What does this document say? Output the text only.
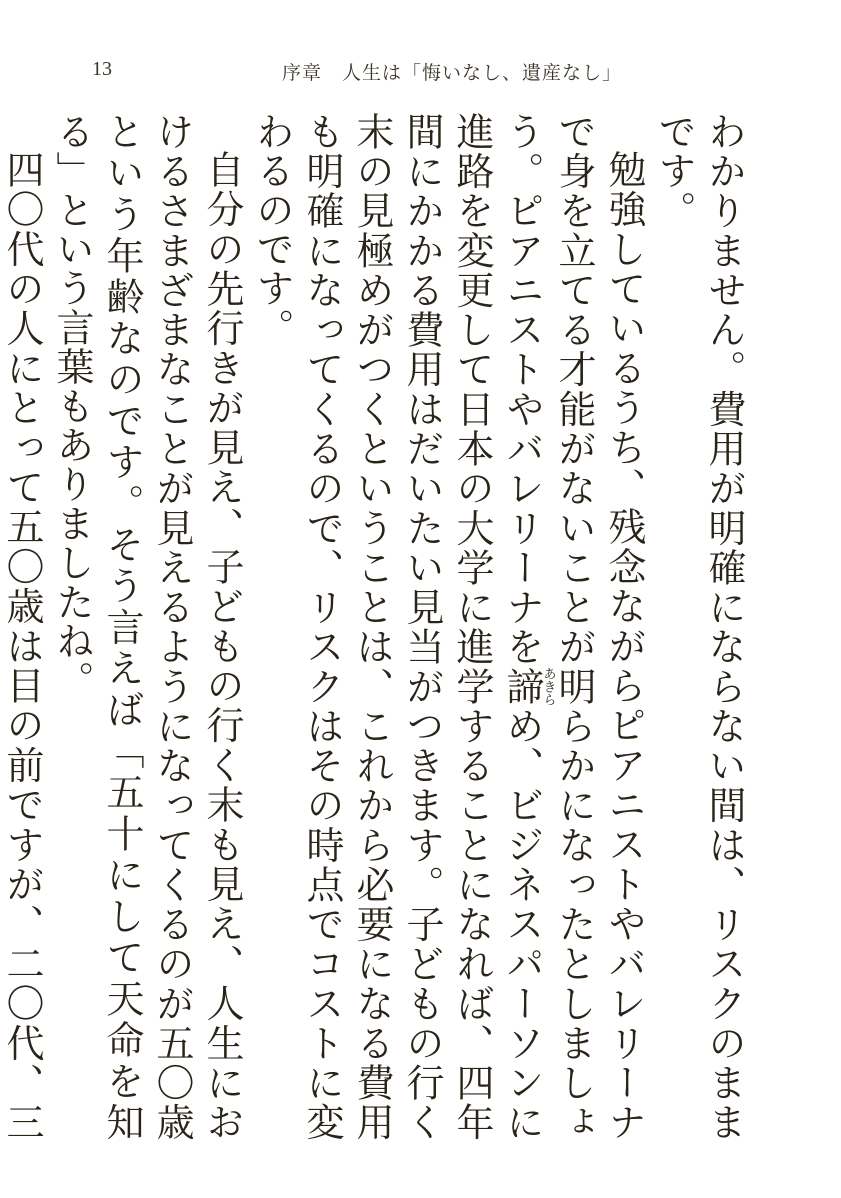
13	序章　人生は「悔いなし、遺産なし」

わかりません。費用が明確にならない間は、リスクのままです。

勉強しているうち、残念ながらピアニストやバレリーナで身を立てる才能がないことが明らかになったとしましょう。ピアニストやバレリーナを諦あきらめ、ビジネスパーソンに進路を変更して日本の大学に進学することになれば、四年間にかかる費用はだいたい見当がつきます。子どもの行く末の見極めがつくということは、これから必要になる費用も明確になってくるので、リスクはその時点でコストに変わるのです。

自分の先行きが見え、子どもの行く末も見え、人生におけるさまざまなことが見えるようになってくるのが五〇歳という年齢なのです。そう言えば「五十にして天命を知る」という言葉もありましたね。

四〇代の人にとって五〇歳は目の前ですが、二〇代、三
